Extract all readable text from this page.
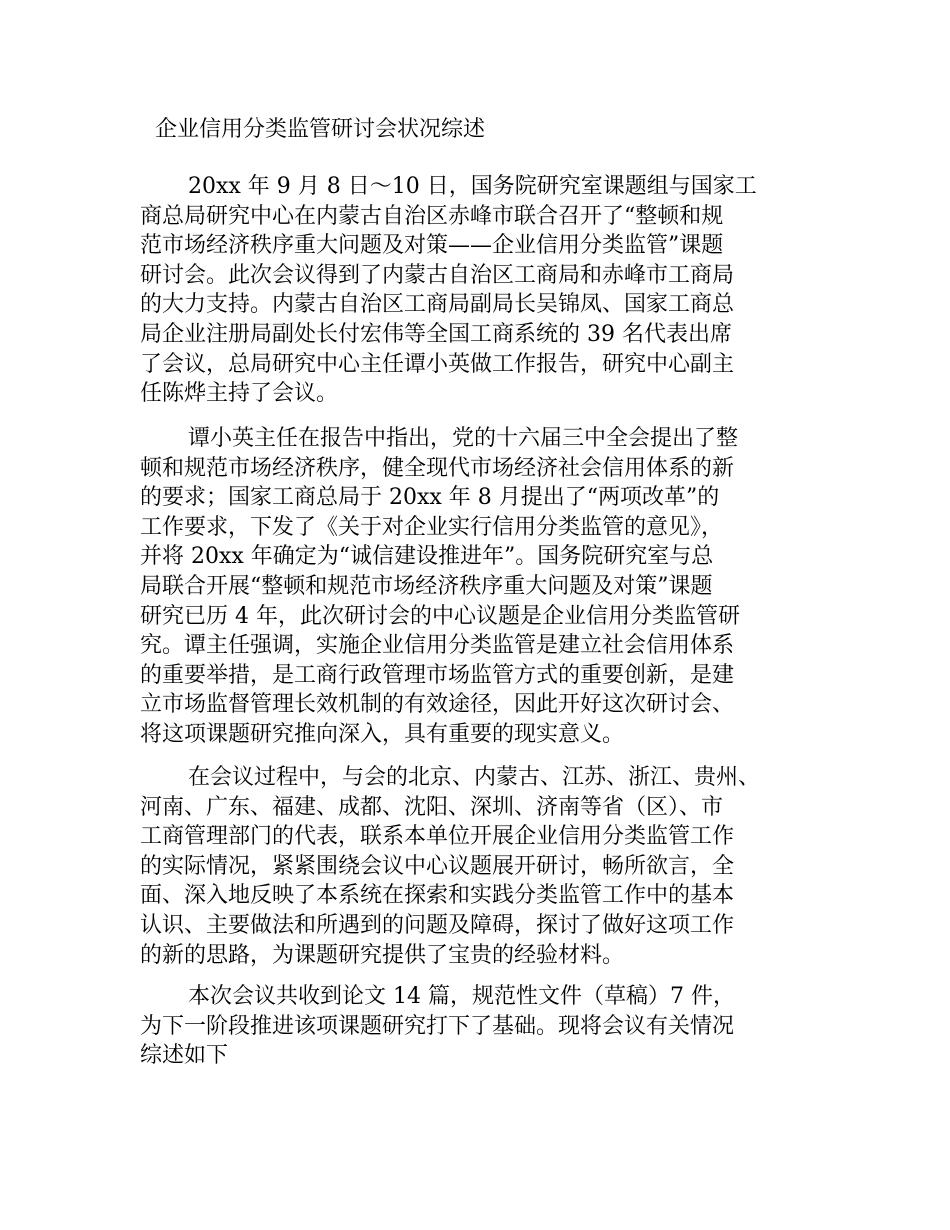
企业信用分类监管研讨会状况综述
20xx 年 9 月 8 日～10 日，国务院研究室课题组与国家工
商总局研究中心在内蒙古自治区赤峰市联合召开了“整顿和规
范市场经济秩序重大问题及对策——企业信用分类监管”课题
研讨会。此次会议得到了内蒙古自治区工商局和赤峰市工商局
的大力支持。内蒙古自治区工商局副局长吴锦凤、国家工商总
局企业注册局副处长付宏伟等全国工商系统的 39 名代表出席
了会议，总局研究中心主任谭小英做工作报告，研究中心副主
任陈烨主持了会议。
谭小英主任在报告中指出，党的十六届三中全会提出了整
顿和规范市场经济秩序，健全现代市场经济社会信用体系的新
的要求；国家工商总局于 20xx 年 8 月提出了“两项改革”的
工作要求，下发了《关于对企业实行信用分类监管的意见》，
并将 20xx 年确定为“诚信建设推进年”。国务院研究室与总
局联合开展“整顿和规范市场经济秩序重大问题及对策”课题
研究已历 4 年，此次研讨会的中心议题是企业信用分类监管研
究。谭主任强调，实施企业信用分类监管是建立社会信用体系
的重要举措，是工商行政管理市场监管方式的重要创新，是建
立市场监督管理长效机制的有效途径，因此开好这次研讨会、
将这项课题研究推向深入，具有重要的现实意义。
在会议过程中，与会的北京、内蒙古、江苏、浙江、贵州、
河南、广东、福建、成都、沈阳、深圳、济南等省（区）、市
工商管理部门的代表，联系本单位开展企业信用分类监管工作
的实际情况，紧紧围绕会议中心议题展开研讨，畅所欲言，全
面、深入地反映了本系统在探索和实践分类监管工作中的基本
认识、主要做法和所遇到的问题及障碍，探讨了做好这项工作
的新的思路，为课题研究提供了宝贵的经验材料。
本次会议共收到论文 14 篇，规范性文件（草稿）7 件，
为下一阶段推进该项课题研究打下了基础。现将会议有关情况
综述如下
